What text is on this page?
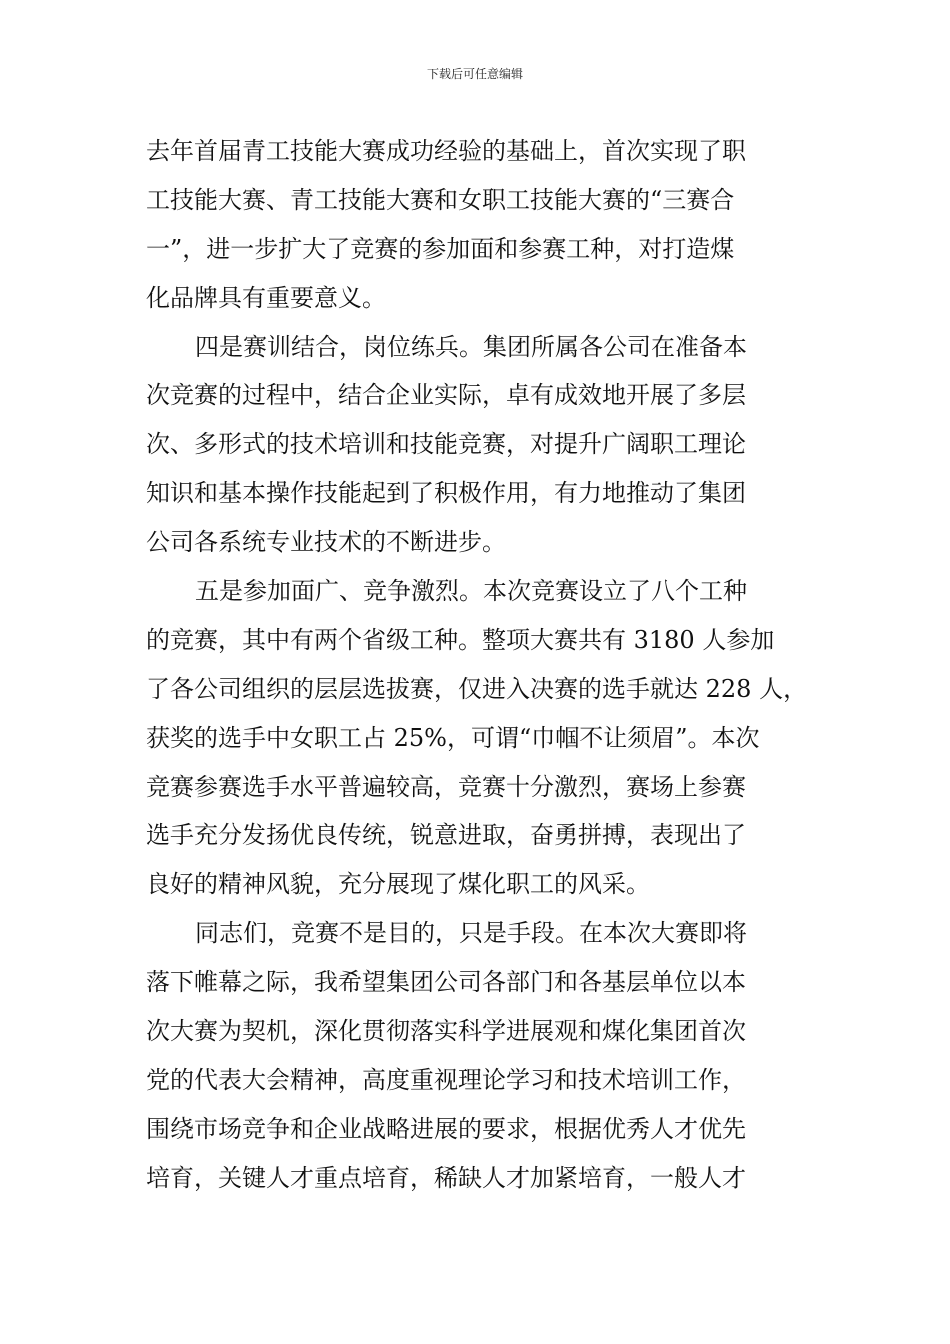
下载后可任意编辑
去年首届青工技能大赛成功经验的基础上，首次实现了职
工技能大赛、青工技能大赛和女职工技能大赛的“三赛合
一”，进一步扩大了竞赛的参加面和参赛工种，对打造煤
化品牌具有重要意义。
四是赛训结合，岗位练兵。集团所属各公司在准备本
次竞赛的过程中，结合企业实际，卓有成效地开展了多层
次、多形式的技术培训和技能竞赛，对提升广阔职工理论
知识和基本操作技能起到了积极作用，有力地推动了集团
公司各系统专业技术的不断进步。
五是参加面广、竞争激烈。本次竞赛设立了八个工种
的竞赛，其中有两个省级工种。整项大赛共有 3180 人参加
了各公司组织的层层选拔赛，仅进入决赛的选手就达 228 人，
获奖的选手中女职工占 25%，可谓“巾帼不让须眉”。本次
竞赛参赛选手水平普遍较高，竞赛十分激烈，赛场上参赛
选手充分发扬优良传统，锐意进取，奋勇拼搏，表现出了
良好的精神风貌，充分展现了煤化职工的风采。
同志们，竞赛不是目的，只是手段。在本次大赛即将
落下帷幕之际，我希望集团公司各部门和各基层单位以本
次大赛为契机，深化贯彻落实科学进展观和煤化集团首次
党的代表大会精神，高度重视理论学习和技术培训工作，
围绕市场竞争和企业战略进展的要求，根据优秀人才优先
培育，关键人才重点培育，稀缺人才加紧培育，一般人才
